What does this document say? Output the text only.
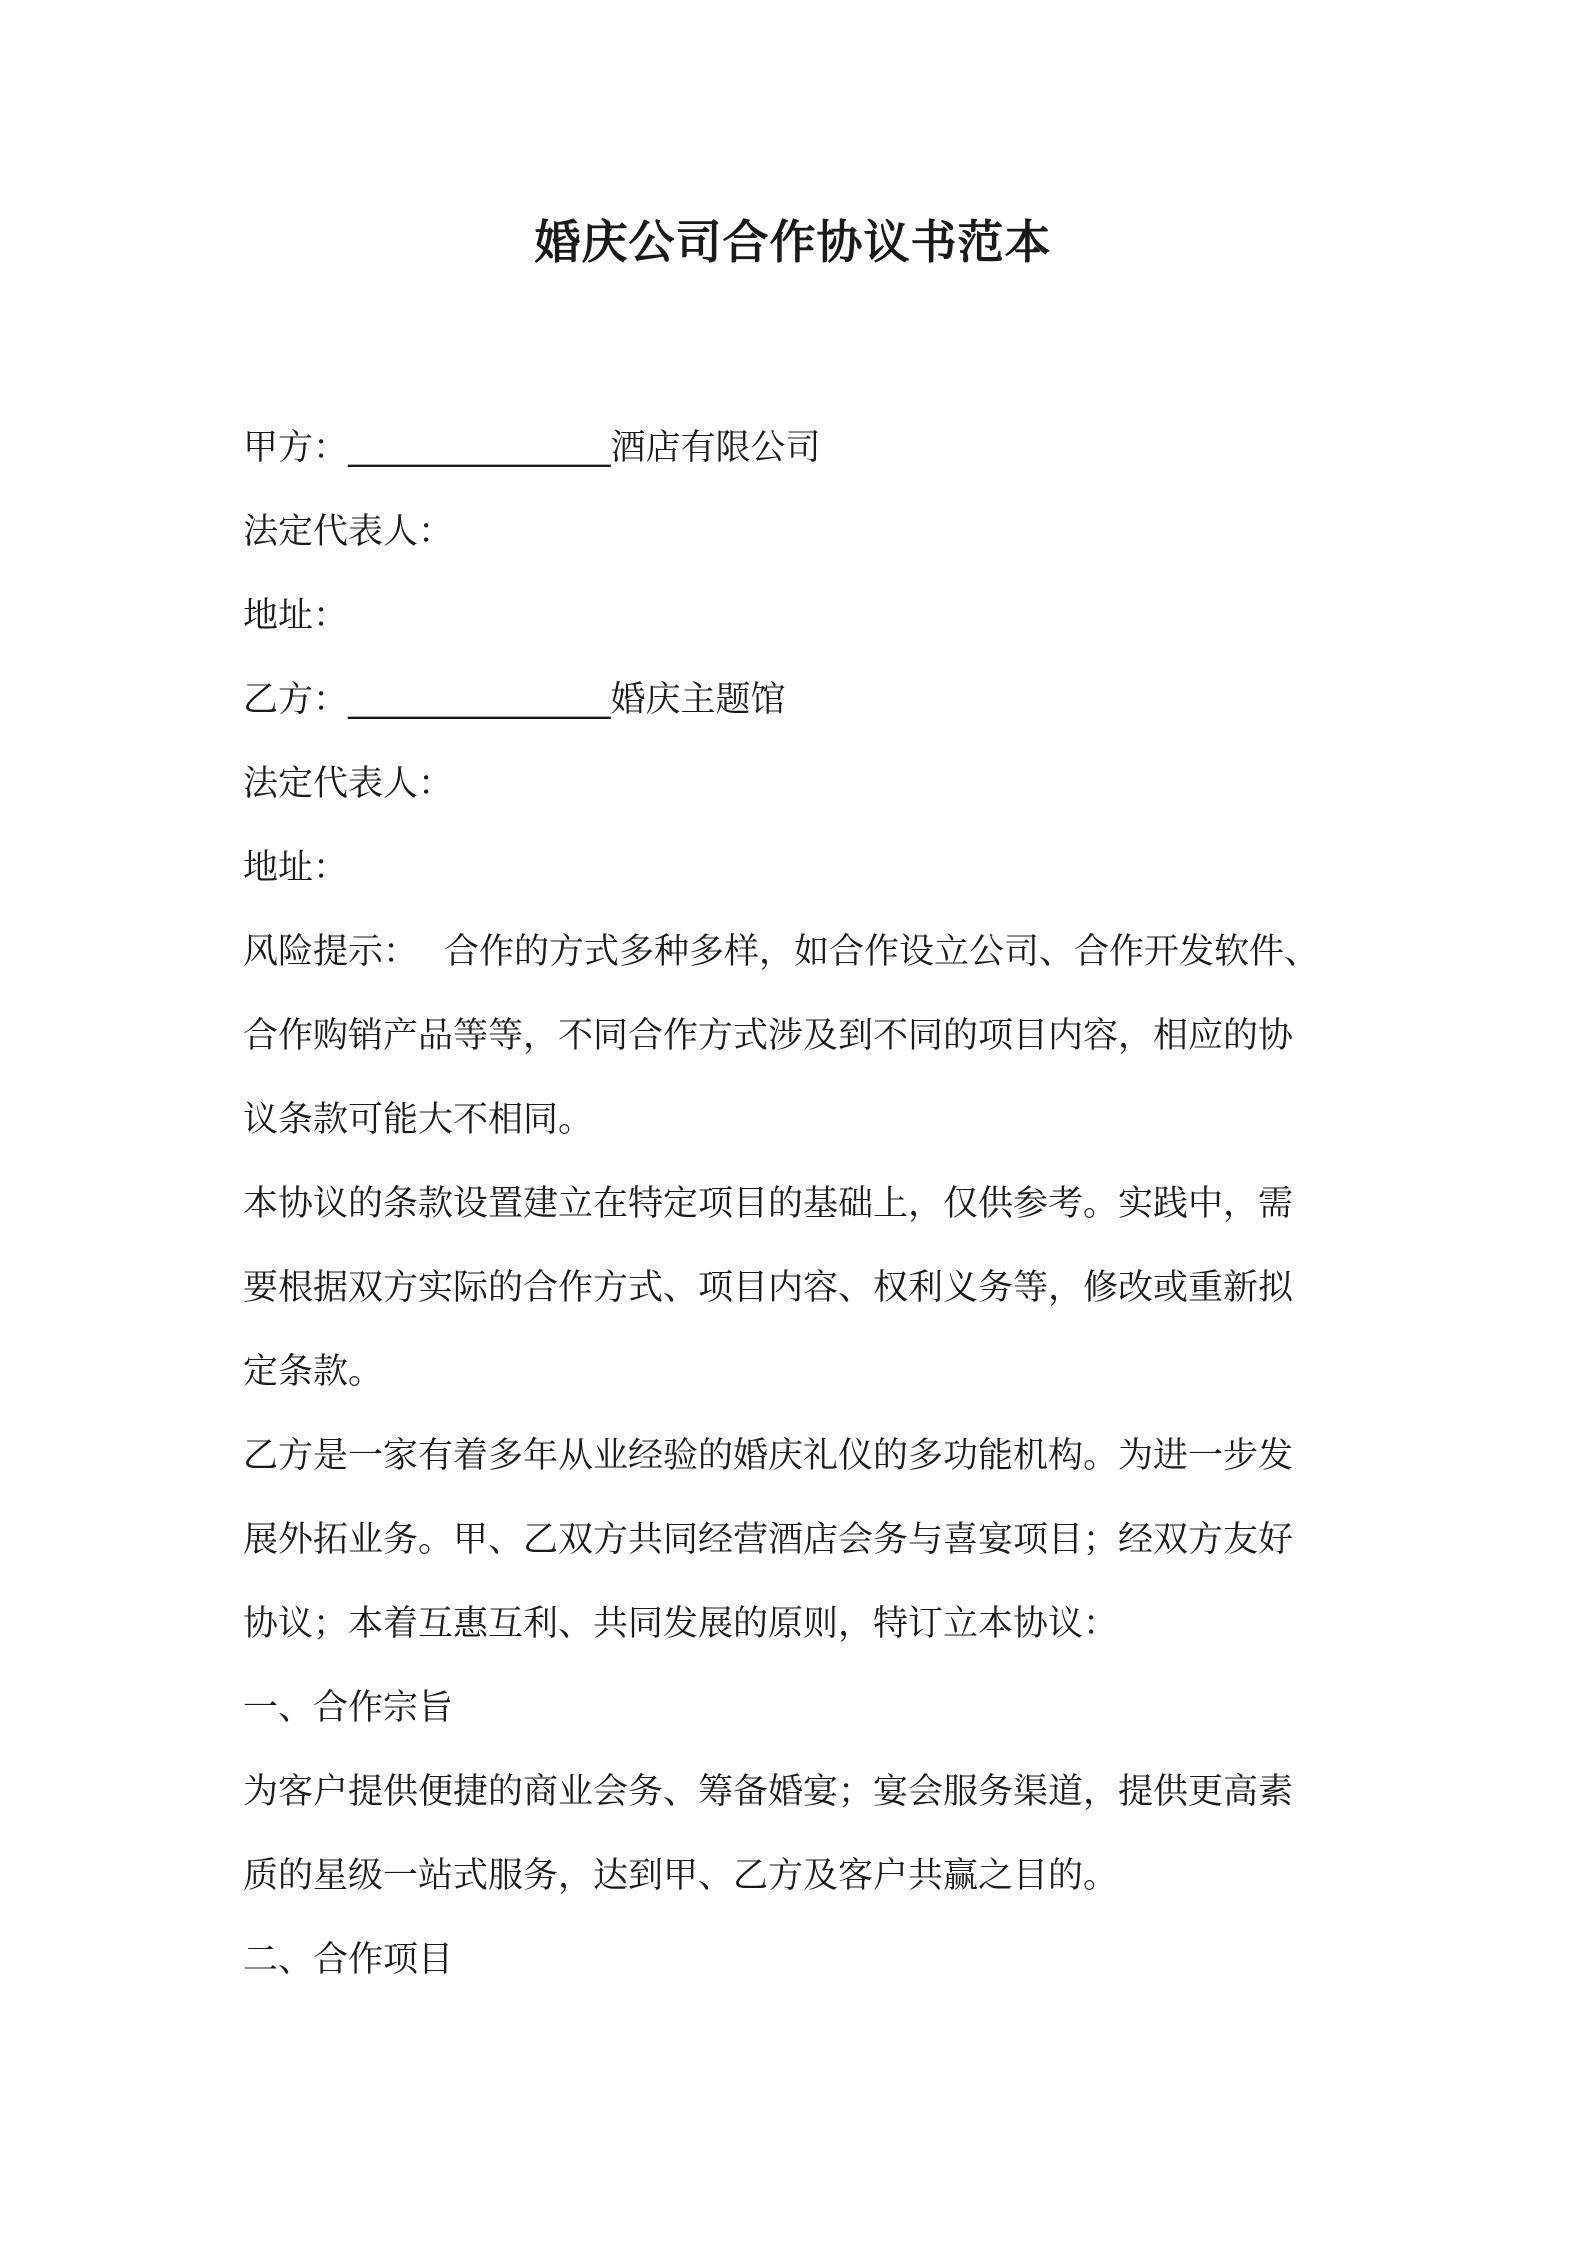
婚庆公司合作协议书范本
甲方：_______________酒店有限公司
法定代表人：
地址：
乙方：_______________婚庆主题馆
法定代表人：
地址：
风险提示： 合作的方式多种多样，如合作设立公司、合作开发软件、
合作购销产品等等，不同合作方式涉及到不同的项目内容，相应的协
议条款可能大不相同。
本协议的条款设置建立在特定项目的基础上，仅供参考。实践中，需
要根据双方实际的合作方式、项目内容、权利义务等，修改或重新拟
定条款。
乙方是一家有着多年从业经验的婚庆礼仪的多功能机构。为进一步发
展外拓业务。甲、乙双方共同经营酒店会务与喜宴项目；经双方友好
协议；本着互惠互利、共同发展的原则，特订立本协议：
一、合作宗旨
为客户提供便捷的商业会务、筹备婚宴；宴会服务渠道，提供更高素
质的星级一站式服务，达到甲、乙方及客户共赢之目的。
二、合作项目
